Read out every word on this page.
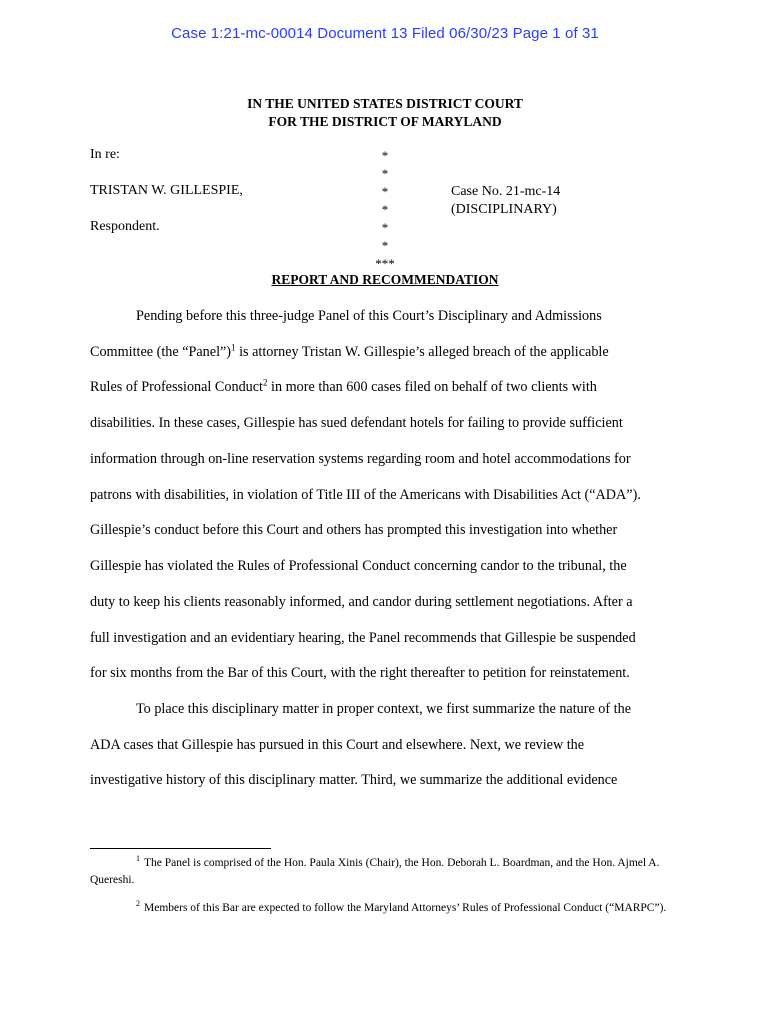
Case 1:21-mc-00014 Document 13 Filed 06/30/23 Page 1 of 31
IN THE UNITED STATES DISTRICT COURT
FOR THE DISTRICT OF MARYLAND
In re:
TRISTAN W. GILLESPIE,
Respondent.
*
*
*
*
*
*
***
Case No. 21-mc-14
(DISCIPLINARY)
REPORT AND RECOMMENDATION
Pending before this three-judge Panel of this Court’s Disciplinary and Admissions
Committee (the “Panel”)$^1$ is attorney Tristan W. Gillespie’s alleged breach of the applicable
Rules of Professional Conduct$^2$ in more than 600 cases filed on behalf of two clients with
disabilities. In these cases, Gillespie has sued defendant hotels for failing to provide sufficient
information through on-line reservation systems regarding room and hotel accommodations for
patrons with disabilities, in violation of Title III of the Americans with Disabilities Act (“ADA”).
Gillespie’s conduct before this Court and others has prompted this investigation into whether
Gillespie has violated the Rules of Professional Conduct concerning candor to the tribunal, the
duty to keep his clients reasonably informed, and candor during settlement negotiations. After a
full investigation and an evidentiary hearing, the Panel recommends that Gillespie be suspended
for six months from the Bar of this Court, with the right thereafter to petition for reinstatement.
To place this disciplinary matter in proper context, we first summarize the nature of the
ADA cases that Gillespie has pursued in this Court and elsewhere. Next, we review the
investigative history of this disciplinary matter. Third, we summarize the additional evidence
1 The Panel is comprised of the Hon. Paula Xinis (Chair), the Hon. Deborah L. Boardman, and the Hon. Ajmel A. Quereshi.
2 Members of this Bar are expected to follow the Maryland Attorneys’ Rules of Professional Conduct (“MARPC”).
